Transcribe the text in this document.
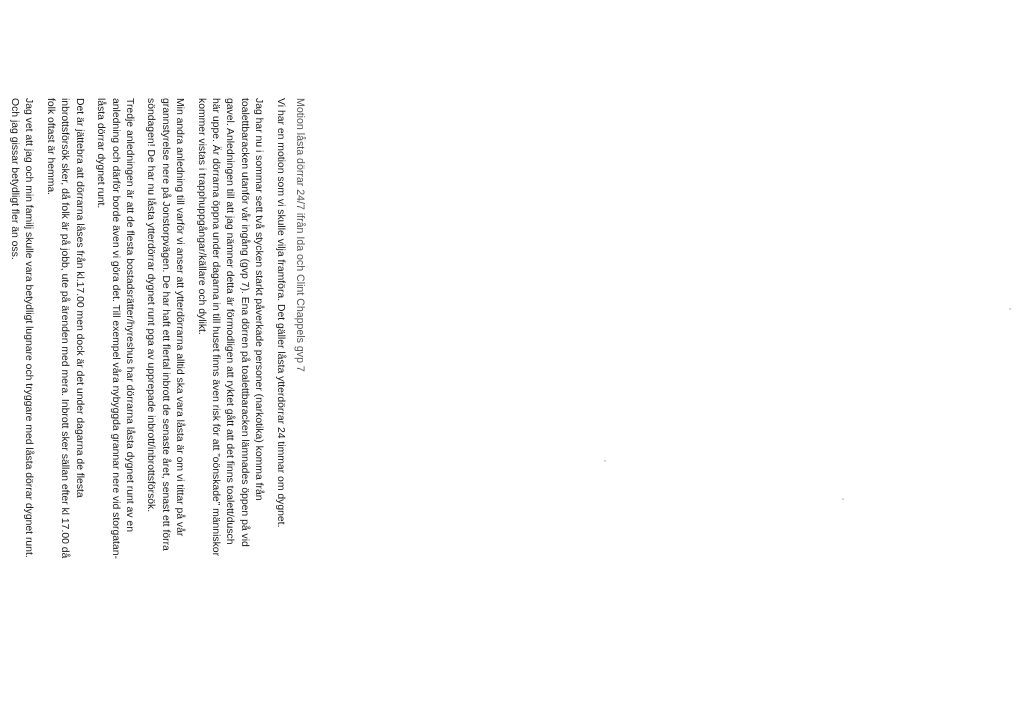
Motion låsta dörrar 24/7 ifrån Ida och Clint Chappels gvp 7
Vi har en motion som vi skulle vilja framföra. Det gäller låsta ytterdörrar 24 timmar om dygnet.
Jag har nu i sommar sett två stycken starkt påverkade personer (narkotika) komma från
toalettbaracken utanför vår ingång (gvp 7). Ena dörren på toalettbaracken lämnades öppen på vid
gavel. Anledningen till att jag nämner detta är förmodligen att ryktet gått att det finns toalett/dusch
här uppe. Är dörrarna öppna under dagarna in till huset finns även risk för att ”oönskade” människor
kommer vistas i trapphuppgångar/källare och dylikt.
Min andra anledning till varför vi anser att ytterdörrarna alltid ska vara låsta är om vi tittar på vår
grannstyrelse nere på Jonstorpvägen. De har haft ett flertal inbrott de senaste året, senast ett förra
söndagen! De har nu låsta ytterdörrar dygnet runt pga av upprepade inbrott/inbrottsförsök.
Tredje anledningen är att de flesta bostadsrätter/hyreshus har dörrarna låsta dygnet runt av en
anledning och därför borde även vi göra det. Till exempel våra nybyggda grannar nere vid storgatan-
låsta dörrar dygnet runt.
Det är jättebra att dörrarna låses från kl.17.00 men dock är det under dagarna de flesta
inbrottsförsök sker, då folk är på jobb, ute på ärenden med mera. Inbrott sker sällan efter kl 17.00 då
folk oftast är hemma.
Jag vet att jag och min familj skulle vara betydligt lugnare och tryggare med låsta dörrar dygnet runt.
Och jag gissar betydligt fler än oss.
